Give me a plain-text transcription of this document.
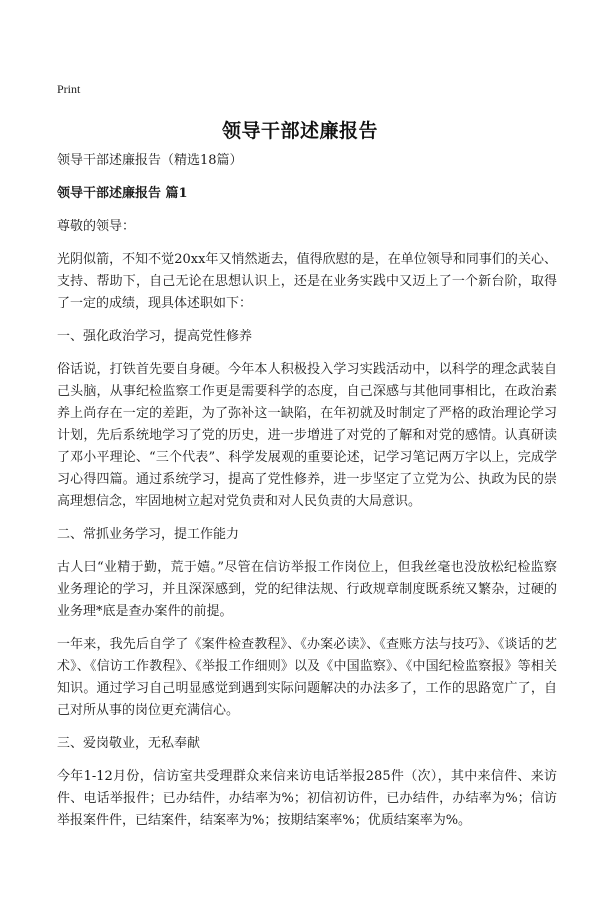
Print
领导干部述廉报告

领导干部述廉报告（精选18篇）

领导干部述廉报告 篇1

尊敬的领导：

光阴似箭，不知不觉20xx年又悄然逝去，值得欣慰的是，在单位领导和同事们的关心、支持、帮助下，自己无论在思想认识上，还是在业务实践中又迈上了一个新台阶，取得了一定的成绩，现具体述职如下：

一、强化政治学习，提高党性修养

俗话说，打铁首先要自身硬。今年本人积极投入学习实践活动中，以科学的理念武装自己头脑，从事纪检监察工作更是需要科学的态度，自己深感与其他同事相比，在政治素养上尚存在一定的差距，为了弥补这一缺陷，在年初就及时制定了严格的政治理论学习计划，先后系统地学习了党的历史，进一步增进了对党的了解和对党的感情。认真研读了邓小平理论、“三个代表”、科学发展观的重要论述，记学习笔记两万字以上，完成学习心得四篇。通过系统学习，提高了党性修养，进一步坚定了立党为公、执政为民的崇高理想信念，牢固地树立起对党负责和对人民负责的大局意识。

二、常抓业务学习，提工作能力

古人曰“业精于勤，荒于嬉。”尽管在信访举报工作岗位上，但我丝毫也没放松纪检监察业务理论的学习，并且深深感到，党的纪律法规、行政规章制度既系统又繁杂，过硬的业务理*底是查办案件的前提。

一年来，我先后自学了《案件检查教程》、《办案必读》、《查账方法与技巧》、《谈话的艺术》、《信访工作教程》、《举报工作细则》以及《中国监察》、《中国纪检监察报》等相关知识。通过学习自己明显感觉到遇到实际问题解决的办法多了，工作的思路宽广了，自己对所从事的岗位更充满信心。

三、爱岗敬业，无私奉献

今年1-12月份，信访室共受理群众来信来访电话举报285件（次），其中来信件、来访件、电话举报件；已办结件，办结率为%；初信初访件，已办结件，办结率为%；信访举报案件件，已结案件，结案率为%；按期结案率%；优质结案率为%。
